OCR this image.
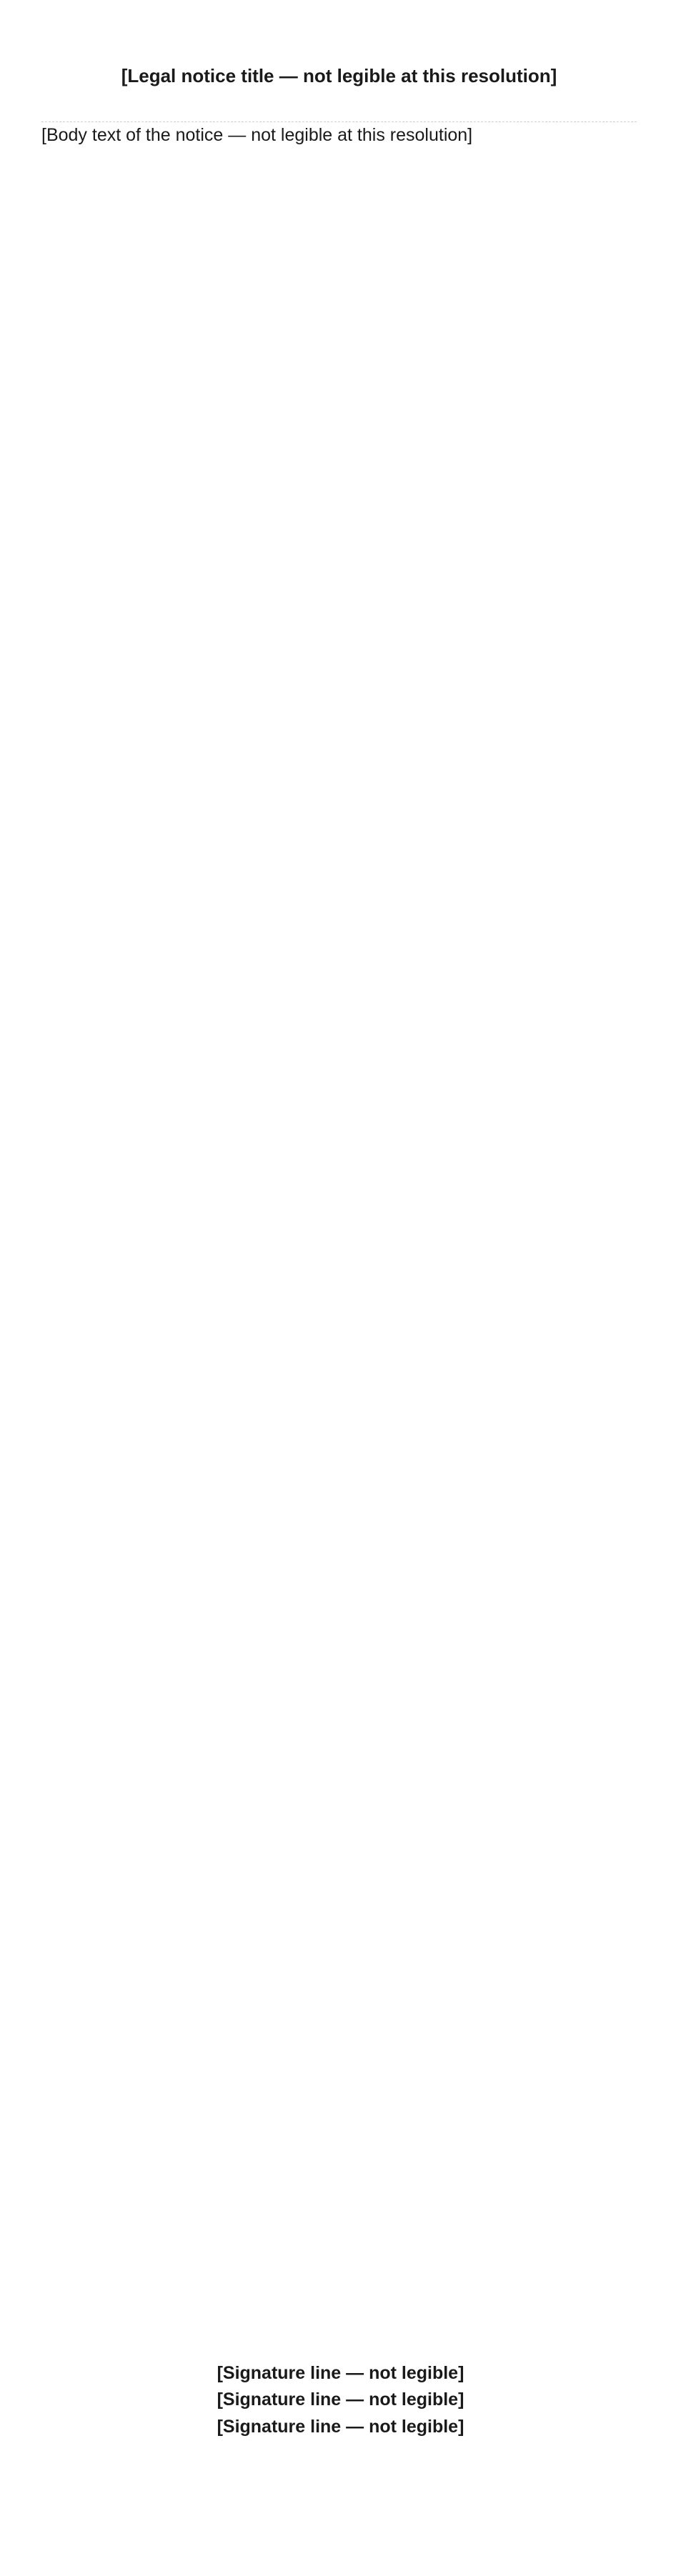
[Legal notice title — not legible at this resolution]

[Body text of the notice — not legible at this resolution]

[Signature line — not legible]
[Signature line — not legible]
[Signature line — not legible]
